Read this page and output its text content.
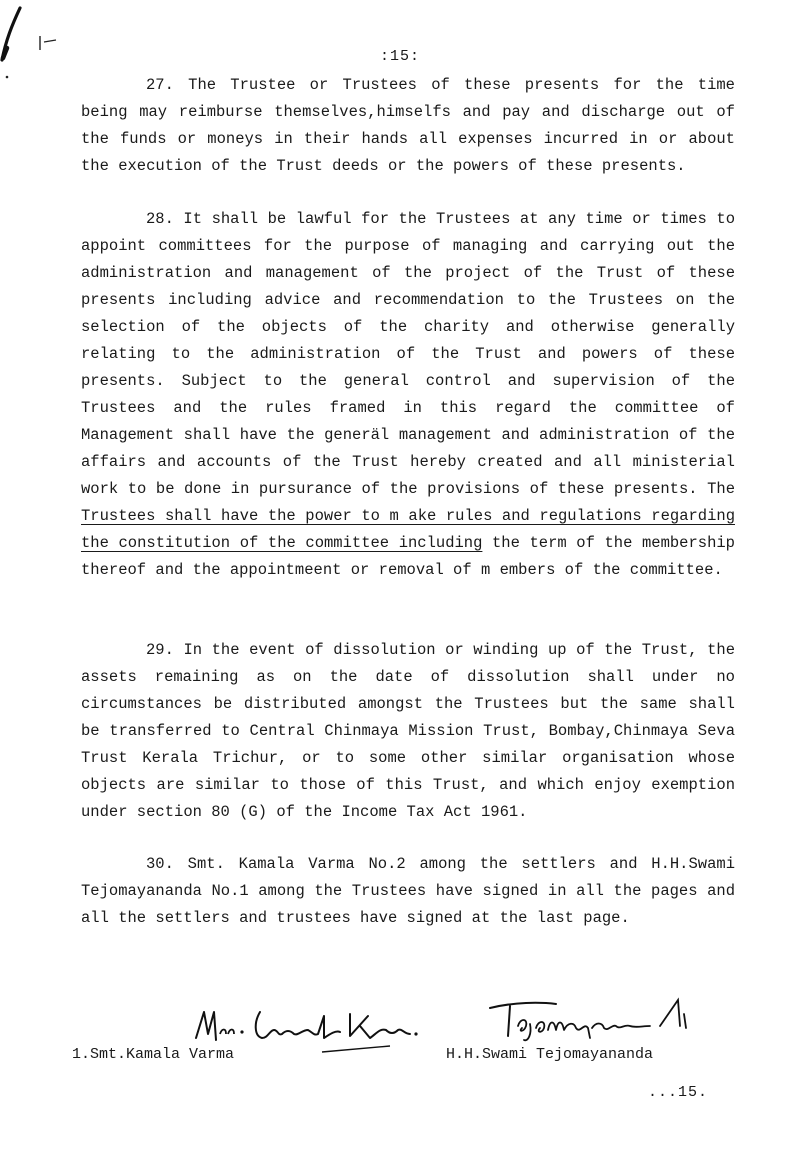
:15:

27. The Trustee or Trustees of these presents for the time being may reimburse themselves,himselfs and pay and discharge out of the funds or moneys in their hands all expenses incurred in or about the execution of the Trust deeds or the powers of these presents.

28. It shall be lawful for the Trustees at any time or times to appoint committees for the purpose of managing and carrying out the administration and management of the project of the Trust of these presents including advice and recommendation to the Trustees on the selection of the objects of the charity and otherwise generally relating to the administration of the Trust and powers of these presents. Subject to the general control and supervision of the Trustees and the rules framed in this regard the committee of Management shall have the generäl management and administration of the affairs and accounts of the Trust hereby created and all ministerial work to be done in pursurance of the provisions of these presents. The Trustees shall have the power to m ake rules and regulations regarding the constitution of the committee including the term of the membership thereof and the appointmeent or removal of m embers of the committee.

29. In the event of dissolution or winding up of the Trust, the assets remaining as on the date of dissolution shall under no circumstances be distributed amongst the Trustees but the same shall be transferred to Central Chinmaya Mission Trust, Bombay,Chinmaya Seva Trust Kerala Trichur, or to some other similar organisation whose objects are similar to those of this Trust, and which enjoy exemption under section 80 (G) of the Income Tax Act 1961.

30. Smt. Kamala Varma No.2 among the settlers and H.H.Swami Tejomayananda No.1 among the Trustees have signed in all the pages and all the settlers and trustees have signed at the last page.

1.Smt.Kamala Varma	H.H.Swami Tejomayananda
...15.
